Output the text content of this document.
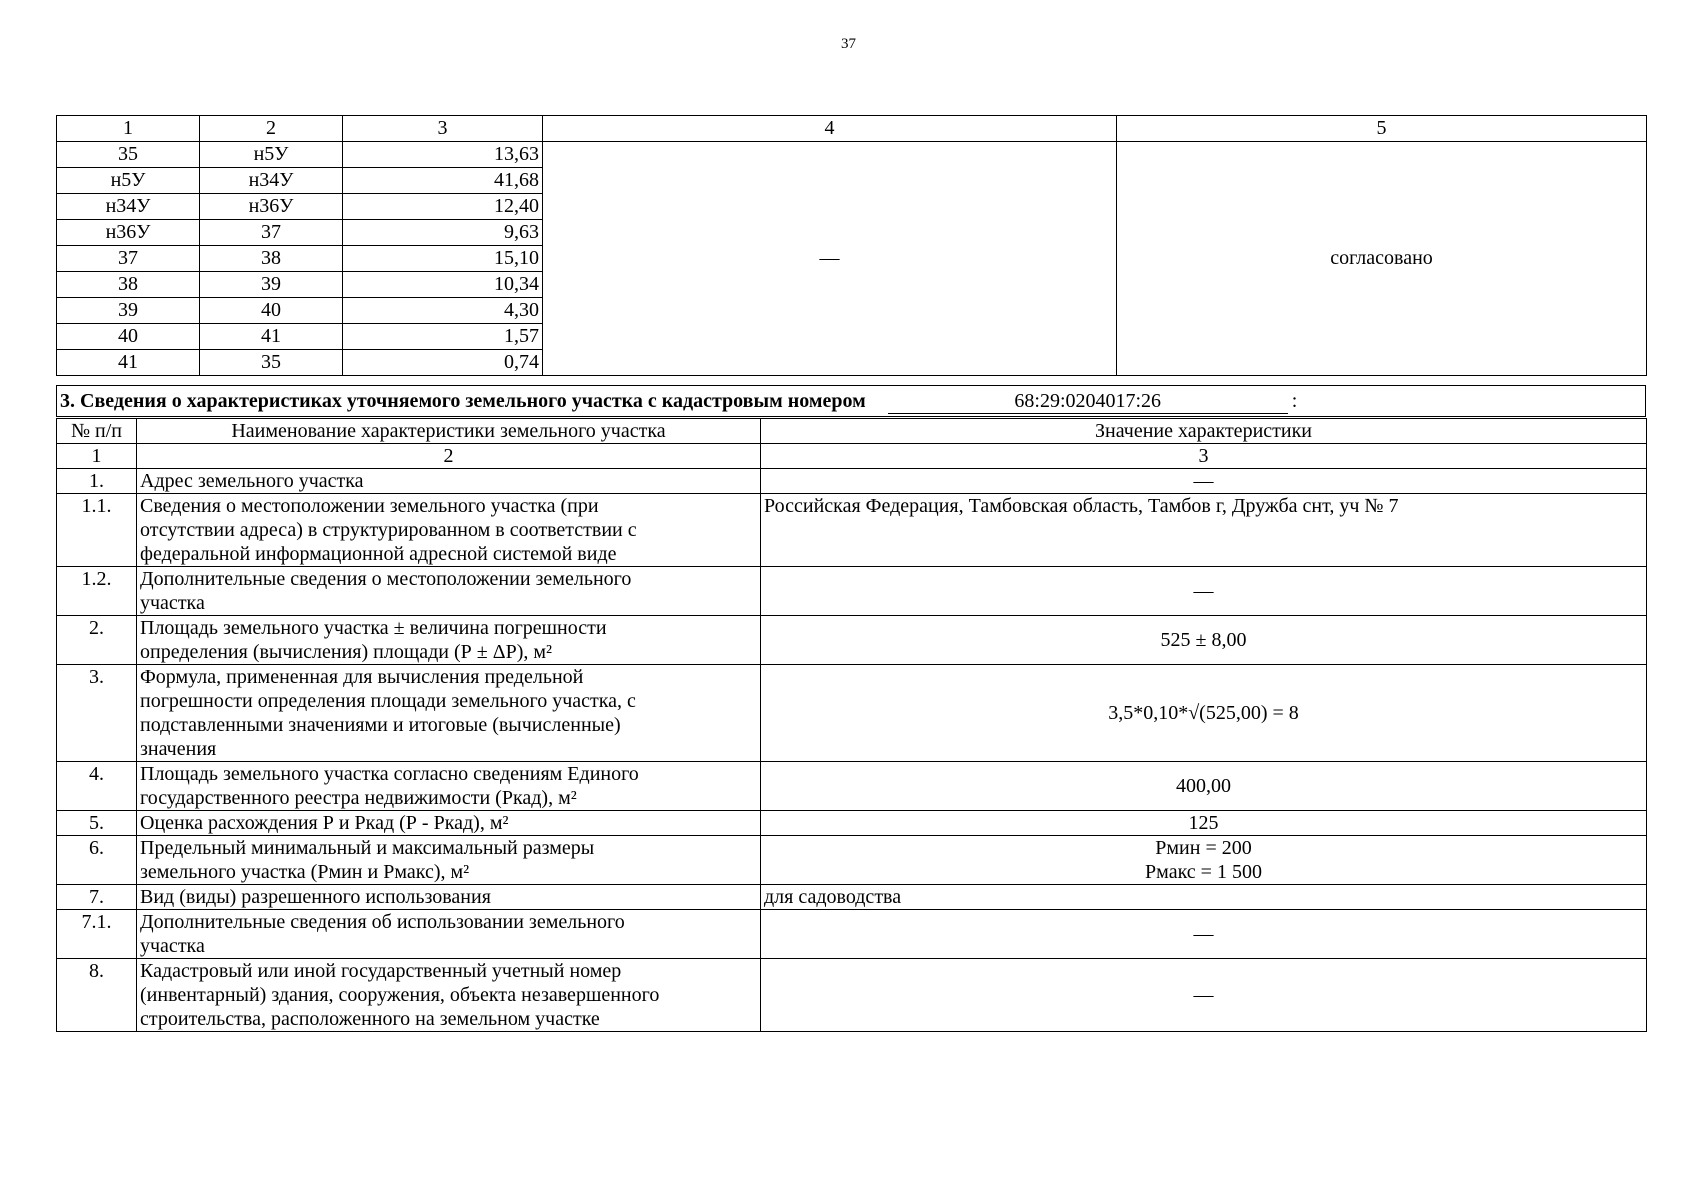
37
1	2	3	4	5
35	н5У	13,63	—	согласовано
н5У	н34У	41,68		
н34У	н36У	12,40		
н36У	37	9,63		
37	38	15,10		
38	39	10,34		
39	40	4,30		
40	41	1,57		
41	35	0,74		
3. Сведения о характеристиках уточняемого земельного участка с кадастровым номером	68:29:0204017:26	:
№ п/п	Наименование характеристики земельного участка	Значение характеристики
1	2	3
1.	Адрес земельного участка	—

1.1.	Сведения о местоположении земельного участка (при
отсутствии адреса) в структурированном в соответствии с
федеральной информационной адресной системой виде	Российская Федерация, Тамбовская область, Тамбов г, Дружба снт, уч № 7

1.2.	Дополнительные сведения о местоположении земельного
участка	—

2.	Площадь земельного участка ± величина погрешности
определения (вычисления) площади (Р ± ΔР), м²	525 ± 8,00

3.	Формула, примененная для вычисления предельной
погрешности определения площади земельного участка, с
подставленными значениями и итоговые (вычисленные)
значения	3,5*0,10*√(525,00) = 8

4.	Площадь земельного участка согласно сведениям Единого
государственного реестра недвижимости (Ркад), м²	400,00

5.	Оценка расхождения Р и Ркад (Р - Ркад), м²	125

6.	Предельный минимальный и максимальный размеры
земельного участка (Рмин и Рмакс), м²	Рмин = 200
Рмакс = 1 500

7.	Вид (виды) разрешенного использования	для садоводства

7.1.	Дополнительные сведения об использовании земельного
участка	—

8.	Кадастровый или иной государственный учетный номер
(инвентарный) здания, сооружения, объекта незавершенного
строительства, расположенного на земельном участке	—
